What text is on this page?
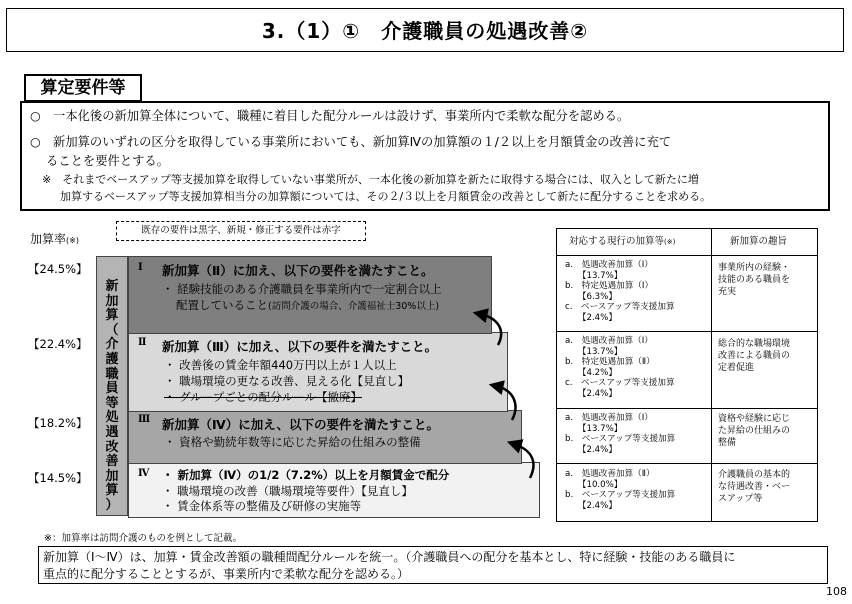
3.（1）①　介護職員の処遇改善②
○　一本化後の新加算全体について、職種に着目した配分ルールは設けず、事業所内で柔軟な配分を認める。
○　新加算のいずれの区分を取得している事業所においても、新加算Ⅳの加算額の１/２以上を月額賃金の改善に充て
ることを要件とする。
※　それまでベースアップ等支援加算を取得していない事業所が、一本化後の新加算を新たに取得する場合には、収入として新たに増
加算するベースアップ等支援加算相当分の加算額については、その２/３以上を月額賃金の改善として新たに配分することを求める。
算定要件等
加算率(※)
既存の要件は黒字、新規・修正する要件は赤字
【24.5%】
【22.4%】
【18.2%】
【14.5%】
新
加
算
（
介
護
職
員
等
処
遇
改
善
加
算
）
Ⅳ ・ 新加算（Ⅳ）の1/2（7.2%）以上を月額賃金で配分
・ 職場環境の改善（職場環境等要件）【見直し】
・ 賃金体系等の整備及び研修の実施等
Ⅲ 新加算（Ⅳ）に加え、以下の要件を満たすこと。
・ 資格や勤続年数等に応じた昇給の仕組みの整備
Ⅱ 新加算（Ⅲ）に加え、以下の要件を満たすこと。
・ 改善後の賃金年額440万円以上が１人以上
・ 職場環境の更なる改善、見える化【見直し】
・ グループごとの配分ルール【撤廃】
Ⅰ 新加算（Ⅱ）に加え、以下の要件を満たすこと。
・ 経験技能のある介護職員を事業所内で一定割合以上
配置していること(訪問介護の場合、介護福祉士30%以上)
対応する現行の加算等(※)	新加算の趣旨
a.　処遇改善加算（Ⅰ）
　　【13.7%】
b.　特定処遇加算（Ⅰ）
　　【6.3%】
c.　ベースアップ等支援加算
　　【2.4%】
事業所内の経験・
技能のある職員を
充実
a.　処遇改善加算（Ⅰ）
　　【13.7%】
b.　特定処遇加算（Ⅱ）
　　【4.2%】
c.　ベースアップ等支援加算
　　【2.4%】
総合的な職場環境
改善による職員の
定着促進
a.　処遇改善加算（Ⅰ）
　　【13.7%】
b.　ベースアップ等支援加算
　　【2.4%】
資格や経験に応じ
た昇給の仕組みの
整備
a.　処遇改善加算（Ⅱ）
　　【10.0%】
b.　ベースアップ等支援加算
　　【2.4%】
介護職員の基本的
な待遇改善・ベー
スアップ等
※：加算率は訪問介護のものを例として記載。
新加算（Ⅰ～Ⅳ）は、加算・賃金改善額の職種間配分ルールを統一。（介護職員への配分を基本とし、特に経験・技能のある職員に
重点的に配分することとするが、事業所内で柔軟な配分を認める。）
108
